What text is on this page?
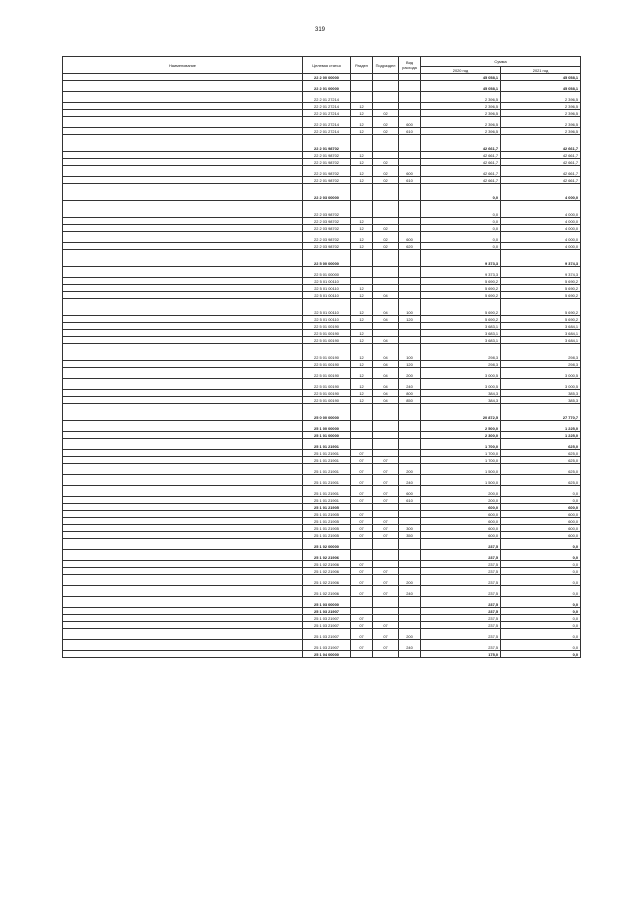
319
Наименование	Целевая статья	Раздел	Подраздел	Вид расхода	Сумма	
					2020 год	2021 год
	22 2 00 00000				45 058,1	45 058,1
	22 2 01 00000				45 058,1	45 058,1
	22 2 01 27214				2 396,5	2 396,5
	22 2 01 27214	12			2 396,5	2 396,5
	22 2 01 27214	12	02		2 396,5	2 396,5
	22 2 01 27214	12	02	600	2 396,5	2 396,5
	22 2 01 27214	12	02	610	2 396,5	2 396,5
	22 2 01 98702				42 661,7	42 661,7
	22 2 01 98702	12			42 661,7	42 661,7
	22 2 01 98702	12	02		42 661,7	42 661,7
	22 2 01 98702	12	02	600	42 661,7	42 661,7
	22 2 01 98702	12	02	610	42 661,7	42 661,7
	22 2 03 00000				0,0	4 000,0
	22 2 03 98702				0,0	4 000,0
	22 2 03 98702	12			0,0	4 000,0
	22 2 03 98702	12	02		0,0	4 000,0
	22 2 03 98702	12	02	600	0,0	4 000,0
	22 2 03 98702	12	02	620	0,0	4 000,0
	22 5 00 00000				9 373,3	9 374,3
	22 5 01 00000				9 373,3	9 374,3
	22 5 01 00110				5 690,2	5 690,2
	22 5 01 00110	12			5 690,2	5 690,2
	22 5 01 00110	12	04		5 690,2	5 690,2
	22 5 01 00110	12	04	100	5 690,2	5 690,2
	22 5 01 00110	12	04	120	5 690,2	5 690,2
	22 5 01 00190				3 683,1	3 684,1
	22 5 01 00190	12			3 683,1	3 684,1
	22 5 01 00190	12	04		3 683,1	3 684,1
	22 5 01 00190	12	04	100	298,3	298,3
	22 5 01 00190	12	04	120	298,3	298,3
	22 5 01 00190	12	04	200	3 000,5	3 000,5
	22 5 01 00190	12	04	240	3 000,5	3 000,5
	22 5 01 00190	12	04	800	384,3	385,3
	22 5 01 00190	12	04	850	384,3	385,3
	25 0 00 00000				20 872,5	27 770,7
	25 1 00 00000				2 500,0	1 225,0
	25 1 01 00000				2 300,0	1 225,0
	25 1 01 21901				1 700,0	625,0
	25 1 01 21901	07			1 700,0	625,0
	25 1 01 21901	07	07		1 700,0	625,0
	25 1 01 21901	07	07	200	1 500,0	625,0
	25 1 01 21901	07	07	240	1 500,0	625,0
	25 1 01 21901	07	07	600	200,0	0,0
	25 1 01 21901	07	07	610	200,0	0,0
	25 1 01 21905				600,0	600,0
	25 1 01 21905	07			600,0	600,0
	25 1 01 21905	07	07		600,0	600,0
	25 1 01 21905	07	07	300	600,0	600,0
	25 1 01 21905	07	07	350	600,0	600,0
	25 1 02 00000				237,5	0,0
	25 1 02 21906				237,5	0,0
	25 1 02 21906	07			237,5	0,0
	25 1 02 21906	07	07		237,5	0,0
	25 1 02 21906	07	07	200	237,5	0,0
	25 1 02 21906	07	07	240	237,5	0,0
	25 1 03 00000				237,5	0,0
	25 1 03 21907				237,5	0,0
	25 1 03 21907	07			237,5	0,0
	25 1 03 21907	07	07		237,5	0,0
	25 1 03 21907	07	07	200	237,5	0,0
	25 1 03 21907	07	07	240	237,5	0,0
	25 1 04 00000				175,0	0,0
